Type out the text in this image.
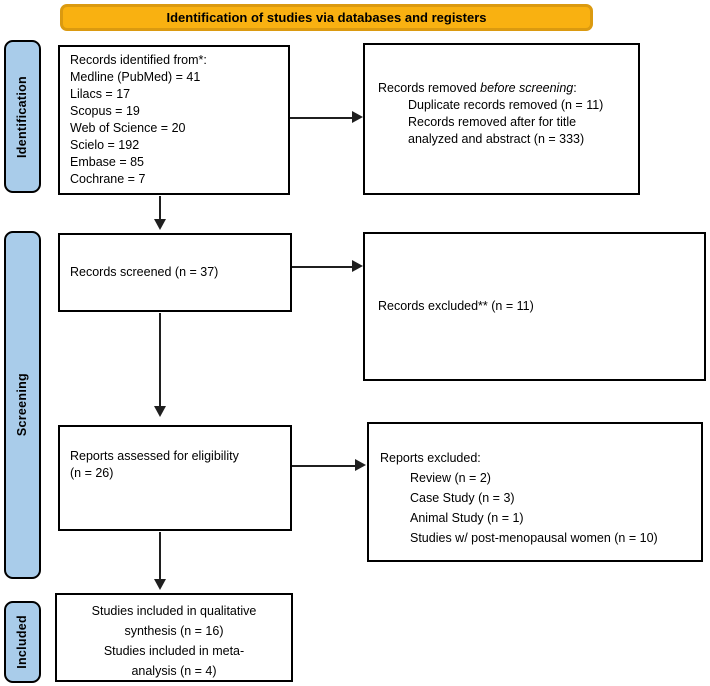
Identification of studies via databases and registers
Identification
Screening
Included
Records identified from*:
Medline (PubMed) = 41
Lilacs = 17
Scopus = 19
Web of Science = 20
Scielo = 192
Embase = 85
Cochrane = 7
Records removed before screening:
Duplicate records removed (n = 11)
Records removed after for title
analyzed and abstract (n = 333)
Records screened (n = 37)
Records excluded** (n = 11)
Reports assessed for eligibility
(n = 26)
Reports excluded:
Review (n = 2)
Case Study (n = 3)
Animal Study (n = 1)
Studies w/ post-menopausal women (n = 10)
Studies included in qualitative
synthesis (n = 16)
Studies included in meta-
analysis (n = 4)
